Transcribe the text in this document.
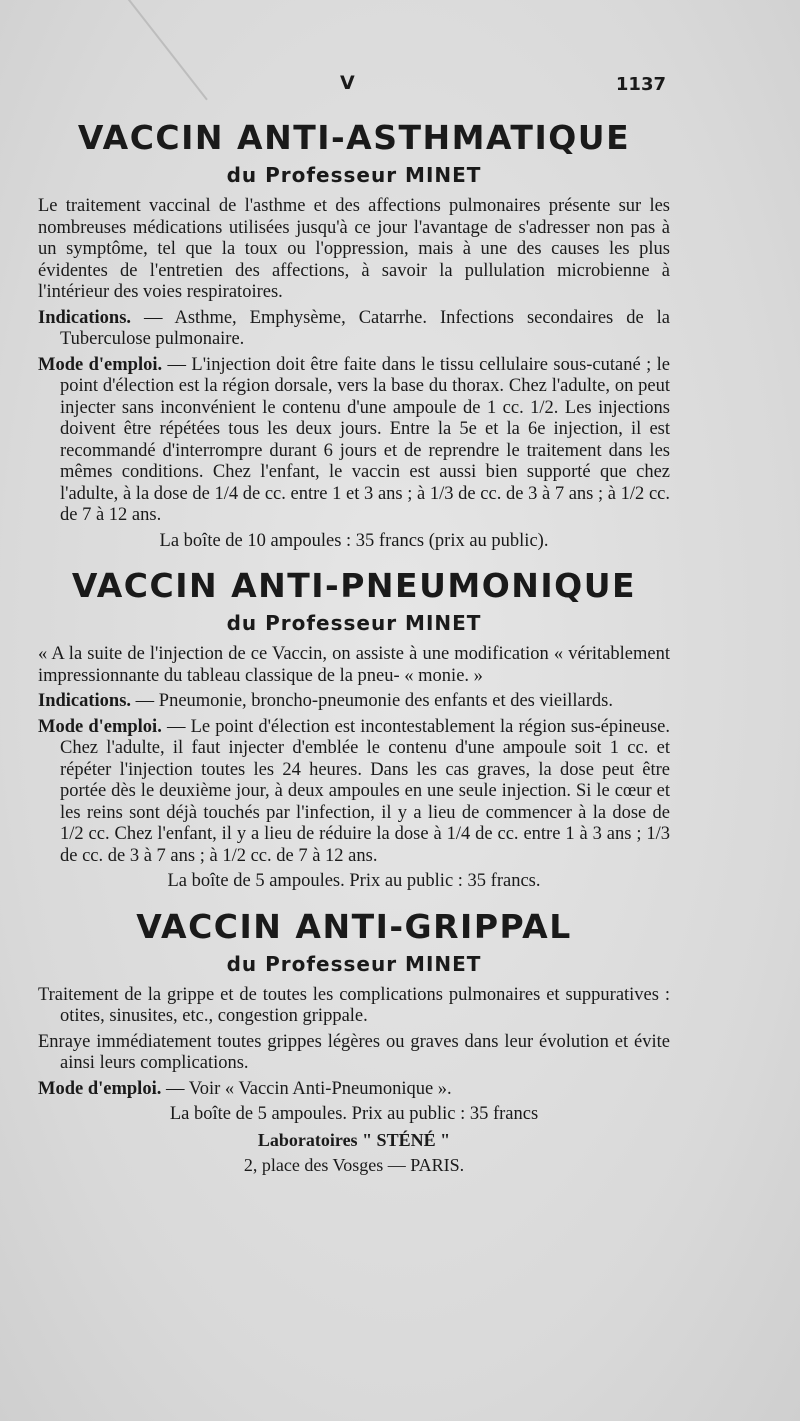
V	1137
VACCIN ANTI-ASTHMATIQUE
du Professeur MINET

Le traitement vaccinal de l'asthme et des affections pulmonaires présente sur les nombreuses médications utilisées jusqu'à ce jour l'avantage de s'adresser non pas à un symptôme, tel que la toux ou l'oppression, mais à une des causes les plus évidentes de l'entretien des affections, à savoir la pullulation microbienne à l'intérieur des voies respiratoires.

Indications. — Asthme, Emphysème, Catarrhe. Infections secondaires de la Tuberculose pulmonaire.

Mode d'emploi. — L'injection doit être faite dans le tissu cellulaire sous-cutané ; le point d'élection est la région dorsale, vers la base du thorax. Chez l'adulte, on peut injecter sans inconvénient le contenu d'une ampoule de 1 cc. 1/2. Les injections doivent être répétées tous les deux jours. Entre la 5e et la 6e injection, il est recommandé d'interrompre durant 6 jours et de reprendre le traitement dans les mêmes conditions. Chez l'enfant, le vaccin est aussi bien supporté que chez l'adulte, à la dose de 1/4 de cc. entre 1 et 3 ans ; à 1/3 de cc. de 3 à 7 ans ; à 1/2 cc. de 7 à 12 ans.

La boîte de 10 ampoules : 35 francs (prix au public).

VACCIN ANTI-PNEUMONIQUE
du Professeur MINET

« A la suite de l'injection de ce Vaccin, on assiste à une modification « véritablement impressionnante du tableau classique de la pneu- « monie. »

Indications. — Pneumonie, broncho-pneumonie des enfants et des vieillards.

Mode d'emploi. — Le point d'élection est incontestablement la région sus-épineuse. Chez l'adulte, il faut injecter d'emblée le contenu d'une ampoule soit 1 cc. et répéter l'injection toutes les 24 heures. Dans les cas graves, la dose peut être portée dès le deuxième jour, à deux ampoules en une seule injection. Si le cœur et les reins sont déjà touchés par l'infection, il y a lieu de commencer à la dose de 1/2 cc. Chez l'enfant, il y a lieu de réduire la dose à 1/4 de cc. entre 1 à 3 ans ; 1/3 de cc. de 3 à 7 ans ; à 1/2 cc. de 7 à 12 ans.

La boîte de 5 ampoules. Prix au public : 35 francs.

VACCIN ANTI-GRIPPAL
du Professeur MINET

Traitement de la grippe et de toutes les complications pulmonaires et suppuratives : otites, sinusites, etc., congestion grippale.

Enraye immédiatement toutes grippes légères ou graves dans leur évolution et évite ainsi leurs complications.

Mode d'emploi. — Voir « Vaccin Anti-Pneumonique ».

La boîte de 5 ampoules. Prix au public : 35 francs

Laboratoires " STÉNÉ "
2, place des Vosges — PARIS.
